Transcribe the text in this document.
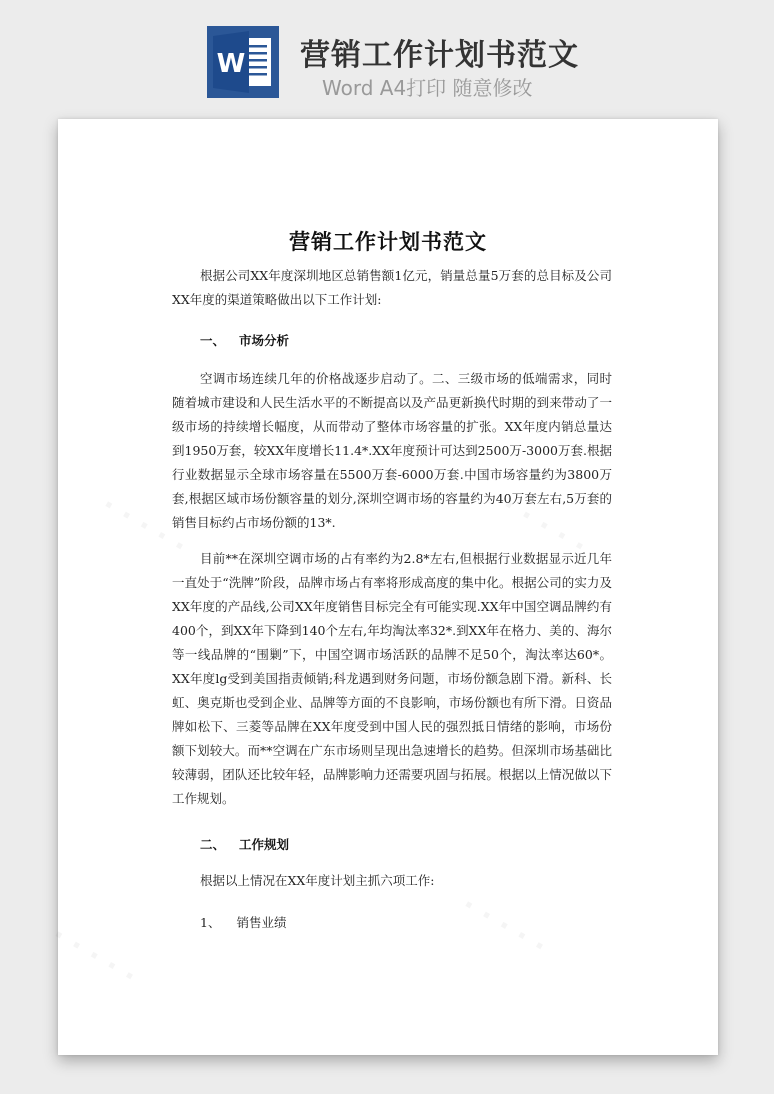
W 营销工作计划书范文
Word A4打印 随意修改
· · · · ·	· · · · ·
· · · · ·	· · · · ·
营销工作计划书范文

根据公司XX年度深圳地区总销售额1亿元，销量总量5万套的总目标及公司XX年度的渠道策略做出以下工作计划:

一、 市场分析

空调市场连续几年的价格战逐步启动了。二、三级市场的低端需求，同时随着城市建设和人民生活水平的不断提高以及产品更新换代时期的到来带动了一级市场的持续增长幅度，从而带动了整体市场容量的扩张。XX年度内销总量达到1950万套，较XX年度增长11.4*.XX年度预计可达到2500万-3000万套.根据行业数据显示全球市场容量在5500万套-6000万套.中国市场容量约为3800万套,根据区域市场份额容量的划分,深圳空调市场的容量约为40万套左右,5万套的销售目标约占市场份额的13*.

目前**在深圳空调市场的占有率约为2.8*左右,但根据行业数据显示近几年一直处于“洗牌”阶段，品牌市场占有率将形成高度的集中化。根据公司的实力及XX年度的产品线,公司XX年度销售目标完全有可能实现.XX年中国空调品牌约有400个，到XX年下降到140个左右,年均淘汰率32*.到XX年在格力、美的、海尔等一线品牌的“围剿”下，中国空调市场活跃的品牌不足50个，淘汰率达60*。XX年度lg受到美国指责倾销;科龙遇到财务问题，市场份额急剧下滑。新科、长虹、奥克斯也受到企业、品牌等方面的不良影响，市场份额也有所下滑。日资品牌如松下、三菱等品牌在XX年度受到中国人民的强烈抵日情绪的影响，市场份额下划较大。而**空调在广东市场则呈现出急速增长的趋势。但深圳市场基础比较薄弱，团队还比较年轻，品牌影响力还需要巩固与拓展。根据以上情况做以下工作规划。

二、 工作规划

根据以上情况在XX年度计划主抓六项工作:

1、 销售业绩
